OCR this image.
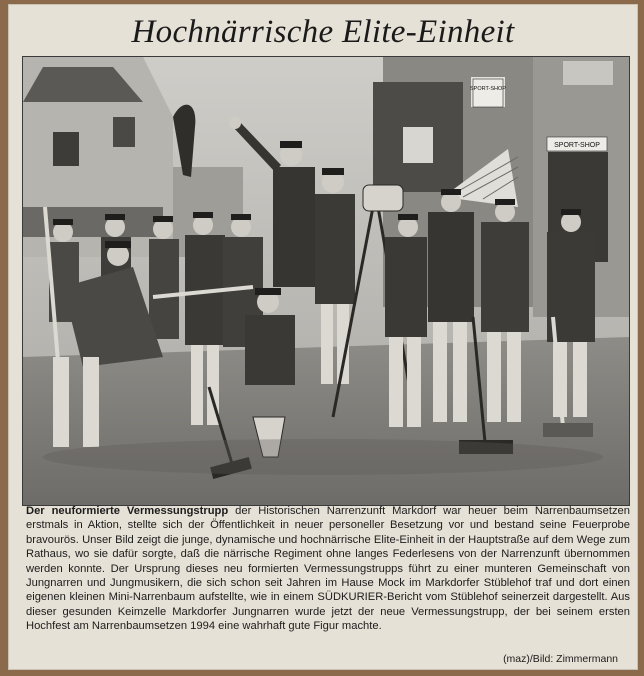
Hochnärrische Elite-Einheit
SPORT-SHOP
SPORT-SHOP
Der neuformierte Vermessungstrupp der Historischen Narrenzunft Markdorf war heuer beim Narrenbaumsetzen erstmals in Aktion, stellte sich der Öffentlichkeit in neuer personeller Besetzung vor und bestand seine Feuerprobe bravourös. Unser Bild zeigt die junge, dynamische und hochnärrische Elite-Einheit in der Hauptstraße auf dem Wege zum Rathaus, wo sie dafür sorgte, daß die närrische Regiment ohne langes Federlesens von der Narrenzunft übernommen werden konnte. Der Ursprung dieses neu formierten Vermessungstrupps führt zu einer munteren Gemeinschaft von Jungnarren und Jungmusikern, die sich schon seit Jahren im Hause Mock im Markdorfer Stüblehof traf und dort einen eigenen kleinen Mini-Narrenbaum aufstellte, wie in einem SÜDKURIER-Bericht vom Stüblehof seinerzeit dargestellt. Aus dieser gesunden Keimzelle Markdorfer Jungnarren wurde jetzt der neue Vermessungstrupp, der bei seinem ersten Hochfest am Narrenbaumsetzen 1994 eine wahrhaft gute Figur machte.
(maz)/Bild: Zimmermann
